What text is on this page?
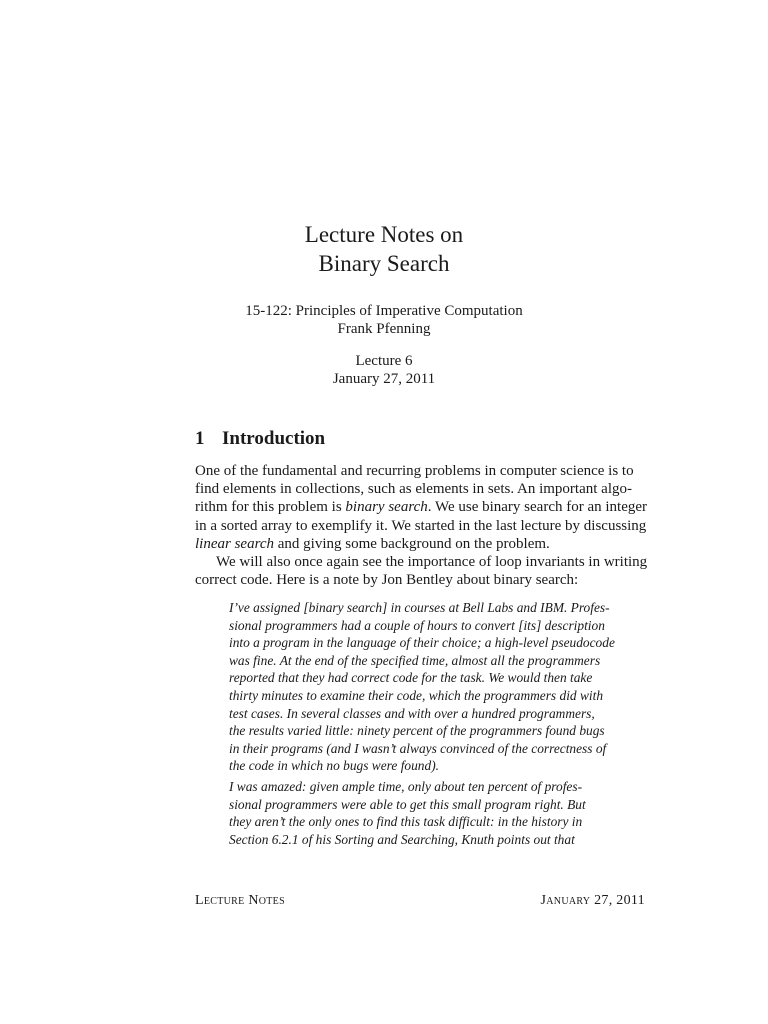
Lecture Notes on
Binary Search
15-122: Principles of Imperative Computation
Frank Pfenning
Lecture 6
January 27, 2011
1 Introduction
One of the fundamental and recurring problems in computer science is to
find elements in collections, such as elements in sets. An important algo-
rithm for this problem is binary search. We use binary search for an integer
in a sorted array to exemplify it. We started in the last lecture by discussing
linear search and giving some background on the problem.
We will also once again see the importance of loop invariants in writing
correct code. Here is a note by Jon Bentley about binary search:
I’ve assigned [binary search] in courses at Bell Labs and IBM. Profes-
sional programmers had a couple of hours to convert [its] description
into a program in the language of their choice; a high-level pseudocode
was fine. At the end of the specified time, almost all the programmers
reported that they had correct code for the task. We would then take
thirty minutes to examine their code, which the programmers did with
test cases. In several classes and with over a hundred programmers,
the results varied little: ninety percent of the programmers found bugs
in their programs (and I wasn’t always convinced of the correctness of
the code in which no bugs were found).
I was amazed: given ample time, only about ten percent of profes-
sional programmers were able to get this small program right. But
they aren’t the only ones to find this task difficult: in the history in
Section 6.2.1 of his Sorting and Searching, Knuth points out that
Lecture Notes	January 27, 2011
